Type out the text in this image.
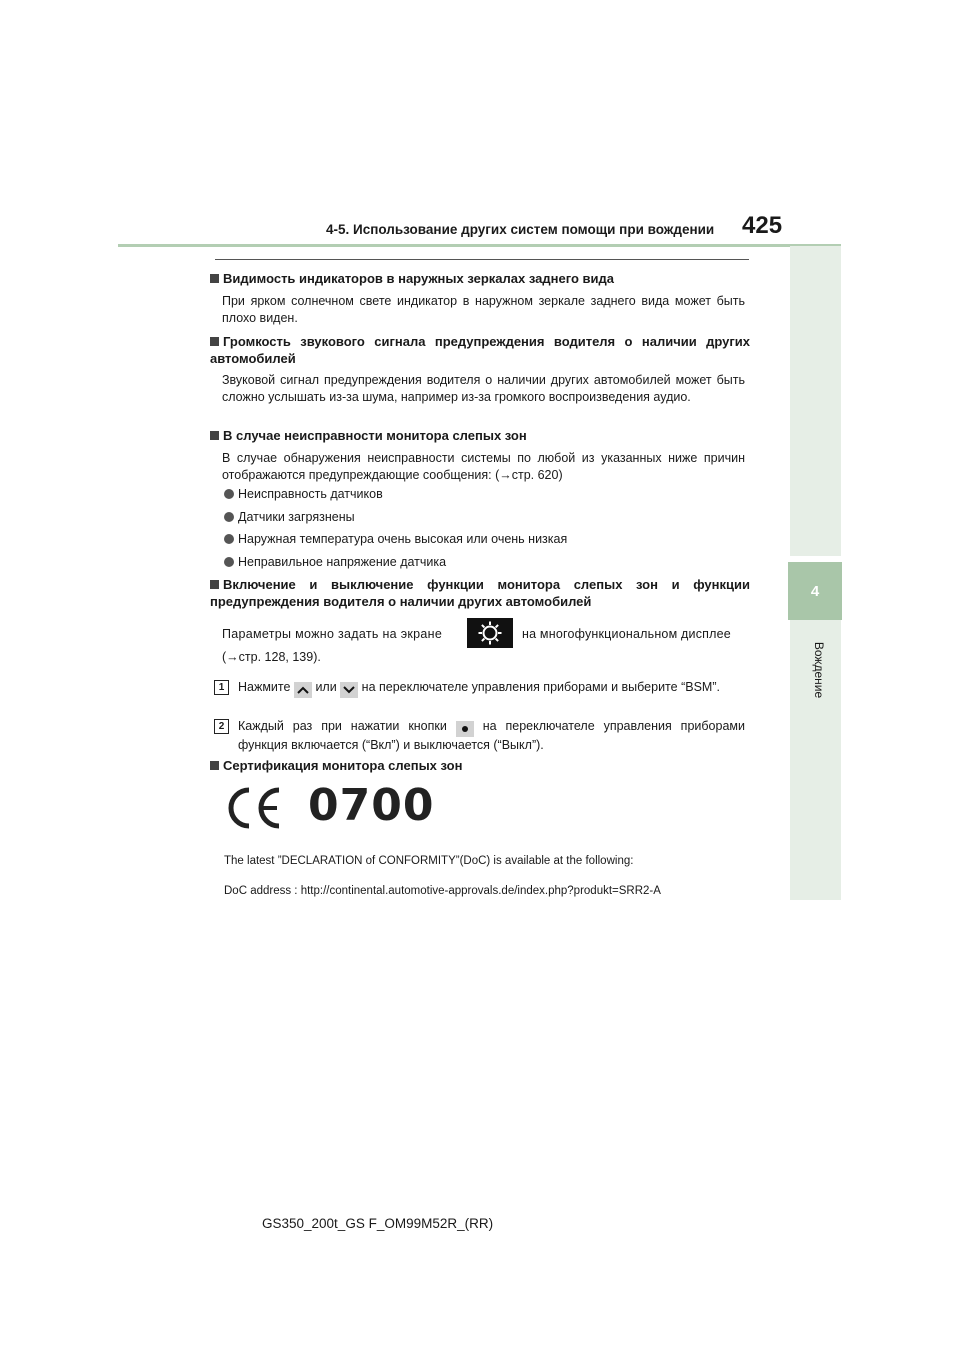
4-5. Использование других систем помощи при вождении 425
4
Вождение
Видимость индикаторов в наружных зеркалах заднего вида
При ярком солнечном свете индикатор в наружном зеркале заднего вида может быть плохо виден.
Громкость звукового сигнала предупреждения водителя о наличии других автомобилей
Звуковой сигнал предупреждения водителя о наличии других автомобилей может быть сложно услышать из-за шума, например из-за громкого воспроизведения аудио.
В случае неисправности монитора слепых зон
В случае обнаружения неисправности системы по любой из указанных ниже причин отображаются предупреждающие сообщения: (→стр. 620)
Неисправность датчиков
Датчики загрязнены
Наружная температура очень высокая или очень низкая
Неправильное напряжение датчика
Включение и выключение функции монитора слепых зон и функции предупреждения водителя о наличии других автомобилей
Параметры можно задать на экране	на многофункциональном дисплее
(→стр. 128, 139).
1	Нажмите или на переключателе управления приборами и выберите “BSM”.
2	Каждый раз при нажатии кнопки	на переключателе управления приборами функция включается (“Вкл”) и выключается (“Выкл”).
Сертификация монитора слепых зон
0700
The latest ”DECLARATION of CONFORMITY”(DoC) is available at the following:
DoC address : http://continental.automotive-approvals.de/index.php?produkt=SRR2-A
GS350_200t_GS F_OM99M52R_(RR)
